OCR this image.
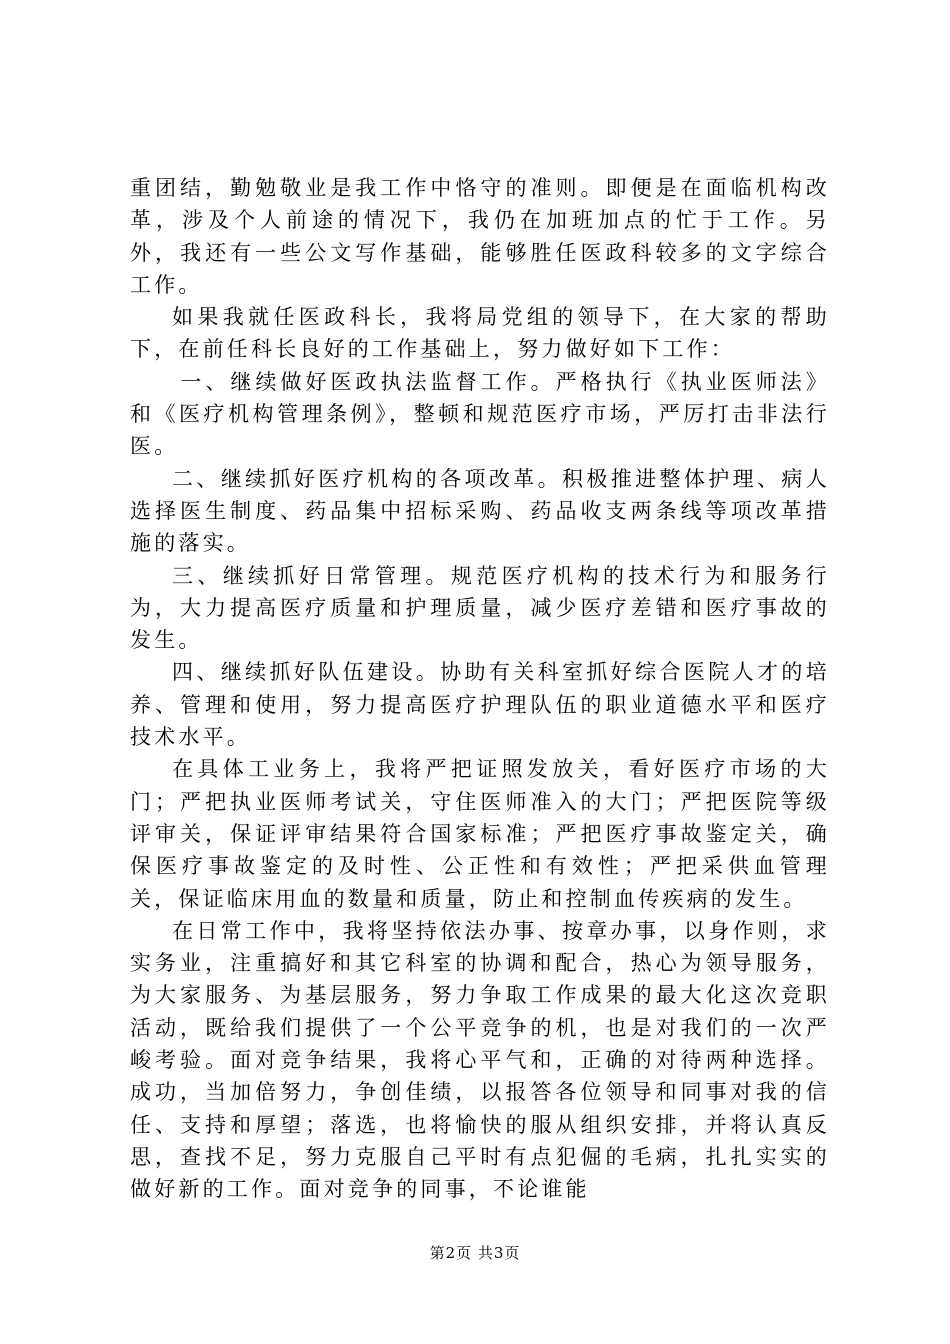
重团结，勤勉敬业是我工作中恪守的准则。即便是在面临机构改革，涉及个人前途的情况下，我仍在加班加点的忙于工作。另外，我还有一些公文写作基础，能够胜任医政科较多的文字综合工作。

如果我就任医政科长，我将局党组的领导下，在大家的帮助下，在前任科长良好的工作基础上，努力做好如下工作：

一、继续做好医政执法监督工作。严格执行《执业医师法》和《医疗机构管理条例》，整顿和规范医疗市场，严厉打击非法行医。

二、继续抓好医疗机构的各项改革。积极推进整体护理、病人选择医生制度、药品集中招标采购、药品收支两条线等项改革措施的落实。

三、继续抓好日常管理。规范医疗机构的技术行为和服务行为，大力提高医疗质量和护理质量，减少医疗差错和医疗事故的发生。

四、继续抓好队伍建设。协助有关科室抓好综合医院人才的培养、管理和使用，努力提高医疗护理队伍的职业道德水平和医疗技术水平。

在具体工业务上，我将严把证照发放关，看好医疗市场的大门；严把执业医师考试关，守住医师准入的大门；严把医院等级评审关，保证评审结果符合国家标准；严把医疗事故鉴定关，确保医疗事故鉴定的及时性、公正性和有效性；严把采供血管理关，保证临床用血的数量和质量，防止和控制血传疾病的发生。

在日常工作中，我将坚持依法办事、按章办事，以身作则，求实务业，注重搞好和其它科室的协调和配合，热心为领导服务，为大家服务、为基层服务，努力争取工作成果的最大化这次竞职活动，既给我们提供了一个公平竞争的机，也是对我们的一次严峻考验。面对竞争结果，我将心平气和，正确的对待两种选择。成功，当加倍努力，争创佳绩，以报答各位领导和同事对我的信任、支持和厚望；落选，也将愉快的服从组织安排，并将认真反思，查找不足，努力克服自己平时有点犯倔的毛病，扎扎实实的做好新的工作。面对竞争的同事，不论谁能

第2页 共3页
